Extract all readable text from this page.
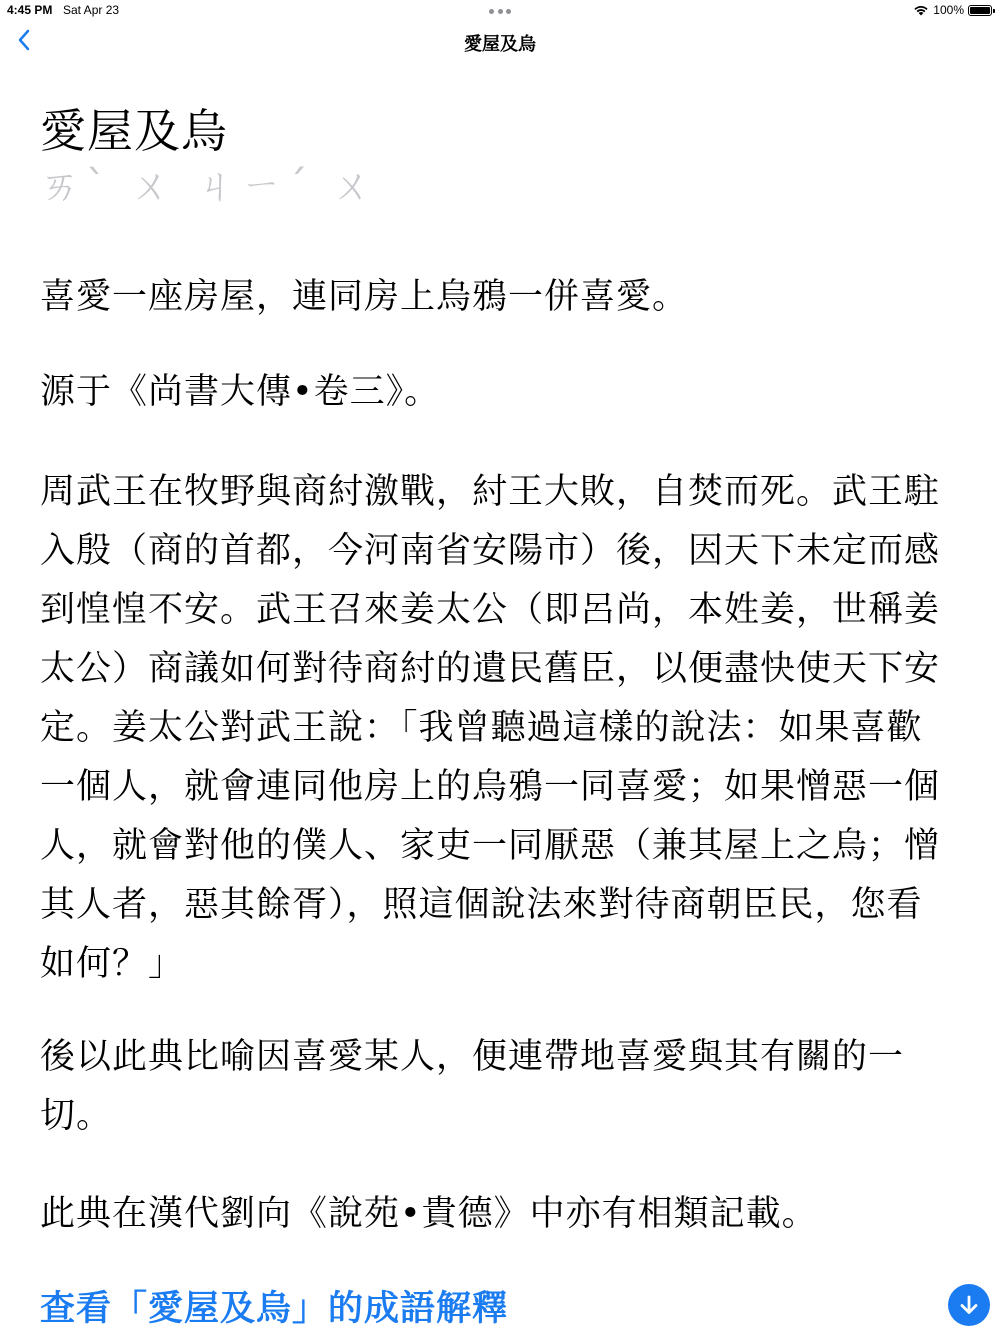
4:45 PM Sat Apr 23	100%
愛屋及烏
愛屋及烏

ㄞˋ ㄨ ㄐㄧˊ ㄨ

喜愛一座房屋，連同房上烏鴉一併喜愛。

源于《尚書大傳•卷三》。

周武王在牧野與商紂激戰，紂王大敗，自焚而死。武王駐入殷（商的首都，今河南省安陽市）後，因天下未定而感到惶惶不安。武王召來姜太公（即呂尚，本姓姜，世稱姜太公）商議如何對待商紂的遺民舊臣，以便盡快使天下安定。姜太公對武王說：「我曾聽過這樣的說法：如果喜歡一個人，就會連同他房上的烏鴉一同喜愛；如果憎惡一個人，就會對他的僕人、家吏一同厭惡（兼其屋上之烏；憎其人者，惡其餘胥），照這個說法來對待商朝臣民，您看如何？」

後以此典比喻因喜愛某人，便連帶地喜愛與其有關的一切。

此典在漢代劉向《說苑•貴德》中亦有相類記載。

查看「愛屋及烏」的成語解釋
